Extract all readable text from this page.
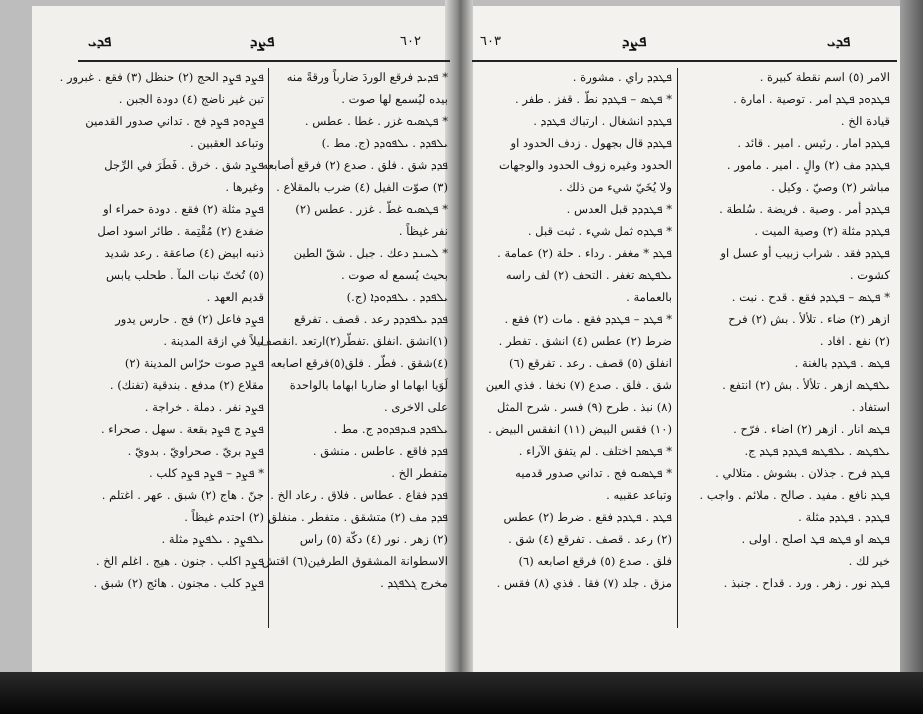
ܦܕܝ	ܦܨܕ	٦٠٢	٦٠٣	ܦܨܕ	ܦܕܝ

* ܦܕܝܕ فرقع الوردَ ضارباً ورقةً منه

بيده ليُسمع لها صوت .

* ܦܛܣܝܘ غزر . غطا . عطس .

ܝܠܦܕܕ . ܝܠܦܘܕܕ (ج. مط .)

ܦܕܕ شق . فلق . صدع (٢) فرقع أصابعه

(٣) صوّت الفيل (٤) ضرب بالمقلاع .

* ܦܛܣܝܘ غطّ . غزر . عطس (٢)

نفر غيظاً .

* ܠܚܢܕ دعك . جبل . شقّ الطين

بحيث يُسمع له صوت .

ܝܠܦܕܕ . ܝܠܦܕܘܕܐ (ج.)

ܦܕܕ ܝܠܦܕܕܕ رعد . قصف . تفرقع

(١)انشق .انفلق .تفطّر(٢)ارتعد .انقصف

(٤)شقق . فطّر . فلق(٥)فرقع اصابعه

لَوَيا ابهاما او ضاربا ابهاما بالواحدة

على الاخرى .

ܝܠܦܕܕ ܦܝܕܦܕܘܕ ج. مط .

ܦܕܕ فاقع . عاطس . منشق .

متفطر الخ .

ܦܕܕ فقاع . عطاس . فلاق . رعاد الخ .

ܦܕܕ مف (٢) متشقق . متفطر . منفلق

(٢) زهر . نور (٤) دكّة (٥) راس

الاسطوانة المشقوق الطرفين(٦) اقتش .

مخرج ܓܠܦܓܕ .

ܦܨܕ ܦܨܕ الحج (٢) حنظل (٣) فقع . غبرور .

تبن غير ناضج (٤) دودة الجبن .

ܦܨܕܘܕ ܦܨܕ فج . تداني صدور القدمين

وتباعد العقبين .

ܦܨܕ شق . خرق . فَطَرَ في الرِّجل

وغيرها .

ܦܨܕ مثلة (٢) فقع . دودة حمراء او

ضفدع (٢) مُقْتِمة . طائر اسود اصل

ذنبه ابيض (٤) صاعقة . رعد شديد

(٥) تُختّ نبات المآ . طحلب يابس

قديم العهد .

ܦܨܕ فاعل (٢) فج . حارس يدور

ليلاً في ازقة المدينة .

ܦܨܕ صوت حرّاس المدينة (٢)

مقلاع (٢) مدفع . بندقية (تفنك) .

ܦܨܕ نفر . دملة . خراجة .

ܦܨܕ ج ܦܨܕ بقعة . سهل . صحراء .

ܦܨܕ بريّ . صحراويّ . بدويّ .

* ܦܨܕ – ܦܨܕ ܦܨܕ كلب .

جنّ . هاج (٢) شبق . عهر . اغتلم .

(٢) احتدم غيظاً .

ܝܠܦܨܕ . ܝܠܦܨܕ مثلة .

ܦܨܕ اكلب . جنون . هيج . اغلم الخ .

ܦܨܕ كلب . مجنون . هائج (٢) شبق .

الامر (٥) اسم نقطة كبيرة .

ܦܛܕܘܕ ܦܛܕ امر . توصية . امارة .

قيادة الخ .

ܦܛܕܕ امار . رئيس . امير . قائد .

ܦܛܕܕ مف (٢) والٍ . امير . مامور .

مباشر (٢) وصيّ . وكيل .

ܦܛܕܕ أمر . وصية . فريضة . سُلطة .

ܦܛܕܕ مثلة (٢) وصية الميت .

ܦܛܕܕ فقد . شراب زبيب أو عسل او

كشوت .

* ܦܛܣ – ܦܛܕܕ فقع . قدح . نبت .

ازهر (٢) ضاء . تلألأ . بش (٢) فرح

(٢) نفع . افاد .

ܦܛܣ . ܦܛܕܕ بالغنة .

ܝܠܦܛܣ ازهر . تلألأ . بش (٢) انتفع .

استفاد .

ܦܛܣ انار . ازهر (٢) اضاء . فرّح .

ܝܠܦܛܣ . ܝܠܦܛܣ ܦܛܕܕ ܦܛܕ ج.

ܦܛܕ فرح . جذلان . بشوش . متلالي .

ܦܛܕ نافع . مفيد . صالح . ملائم . واجب .

ܦܛܕܕ . ܦܛܕܕ مثلة .

ܦܛܣ او ܦܛܣ ܦܛ اصلح . اولى .

خير لك .

ܦܛܕ نور . زهر . ورد . قداح . جنبذ .

ܦܛܕܕ راي . مشورة .

* ܦܛܣ – ܦܛܕܕ نطّ . قفز . طفر .

ܦܛܕܕ انشغال . ارتباك ܦܛܕܕ .

ܦܛܕܕ قال بجهول . زدف الحدود او

الحدود وغيره زوف الحدود والوجهات

ولا يُخَيّ شيء من ذلك .

* ܦܛܕܕܕ قبل العدس .

* ܦܛܕܘ ثمل شيء . ثبت قبل .

ܦܛܕ * مغفر . رداء . حلة (٢) عمامة .

ܝܠܦܛܣ تغفر . التحف (٢) لف راسه

بالعمامة .

* ܦܛܕ – ܦܛܕܕ فقع . مات (٢) فقع .

ضرط (٢) عطس (٤) انشق . تفطر .

انفلق (٥) قصف . رعد . تفرقع (٦)

شق . فلق . صدع (٧) نخفا . فذي العين

(٨) نبذ . طرح (٩) فسر . شرح المثل

(١٠) فقس البيض (١١) انفقس البيض .

* ܦܛܣܕ اختلف . لم يتفق الآراء .

* ܦܛܣܝܘ فج . تداني صدور قدميه

وتباعد عقبيه .

ܦܛܕ . ܦܛܕܕ فقع . ضرط (٢) عطس

(٢) رعد . قصف . تفرقع (٤) شق .

فلق . صدع (٥) فرقع اصابعه (٦)

مزق . جلد (٧) فقا . فذي (٨) فقس .
